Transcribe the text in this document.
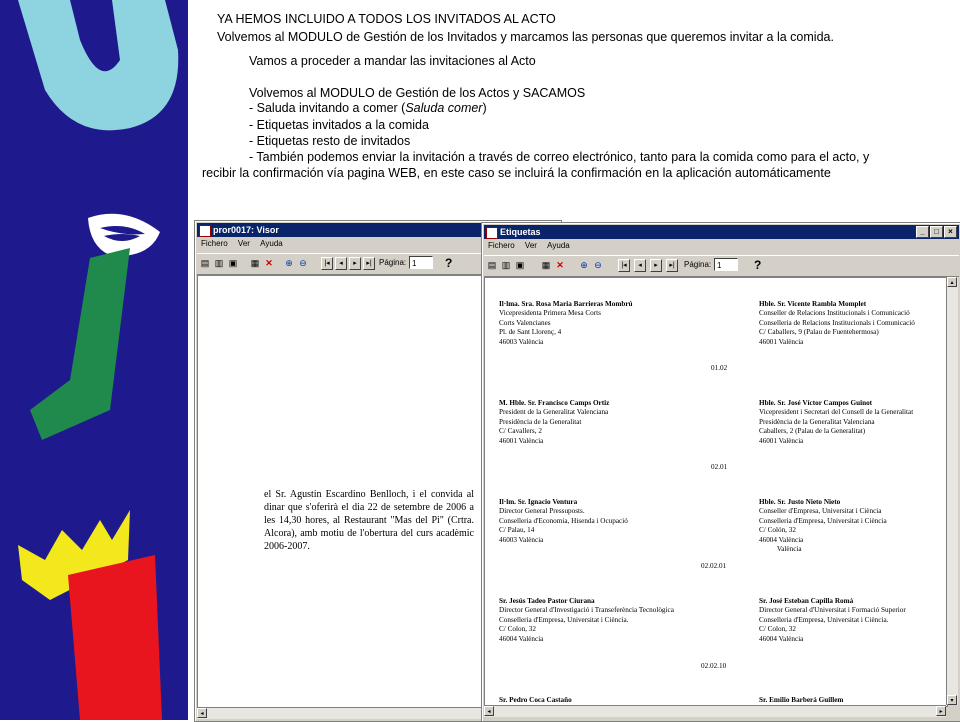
YA HEMOS INCLUIDO A TODOS LOS INVITADOS AL ACTO
Volvemos al MODULO de Gestión de los Invitados y marcamos las personas que queremos invitar a la comida.
Vamos a proceder a mandar las invitaciones al Acto
Volvemos al MODULO de Gestión de los Actos y SACAMOS
- Saluda invitando a comer (Saluda comer)
- Etiquetas invitados a la comida
- Etiquetas resto de invitados
- También podemos enviar la invitación a través de correo electrónico, tanto para la comida como para el acto, y
recibir la confirmación vía pagina WEB, en este caso se incluirá la confirmación en la aplicación automáticamente
pror0017: Visor
Fichero Ver Ayuda
▤ ▥ ▣ ▦ ✕ ⊕ ⊖	|◂	◂	▸	▸| Página: 1	?
el Sr. Agustín Escardino Benlloch, i el convida al dinar que s'oferirà el dia 22 de setembre de 2006 a les 14,30 hores, al Restaurant "Mas del Pi" (Crtra. Alcora), amb motiu de l'obertura del curs acadèmic 2006-2007.
◂
Etiquetas	_	□	×
Fichero Ver Ayuda
▤ ▥ ▣ ▦ ✕ ⊕ ⊖	|◂	◂	▸	▸|	Página: 1	?
Il·lma. Sra. Rosa Maria Barrieras Mombrú
Vicepresidenta Primera Mesa Corts
Corts Valencianes
Pl. de Sant Llorenç, 4
46003 València
Hble. Sr. Vicente Rambla Momplet
Conseller de Relacions Institucionals i Comunicació
Conselleria de Relacions Institucionals i Comunicació
C/ Caballers, 9 (Palau de Fuentehermosa)
46001 València
01.02
M. Hble. Sr. Francisco Camps Ortiz
President de la Generalitat Valenciana
Presidència de la Generalitat
C/ Cavallers, 2
46001 València
Hble. Sr. José Víctor Campos Guinot
Vicepresident i Secretari del Consell de la Generalitat
Presidència de la Generalitat Valenciana
Caballers, 2 (Palau de la Generalitat)
46001 València
02.01
Il·lm. Sr. Ignacio Ventura
Director General Pressuposts.
Conselleria d'Economia, Hisenda i Ocupació
C/ Palau, 14
46003 València
Hble. Sr. Justo Nieto Nieto
Conseller d'Empresa, Universitat i Ciència
Conselleria d'Empresa, Universitat i Ciència
C/ Colón, 32
46004 València
València
02.02.01
Sr. Jesús Tadeo Pastor Ciurana
Director General d'Investigació i Transeferència Tecnològica
Conselleria d'Empresa, Universitat i Ciència.
C/ Colon, 32
46004 València
Sr. José Esteban Capilla Romá
Director General d'Universitat i Formació Superior
Conselleria d'Empresa, Universitat i Ciència.
C/ Colon, 32
46004 València
02.02.10
Sr. Pedro Coca Castaño	Sr. Emilio Barberá Guillem
▴
▾
◂	▸
